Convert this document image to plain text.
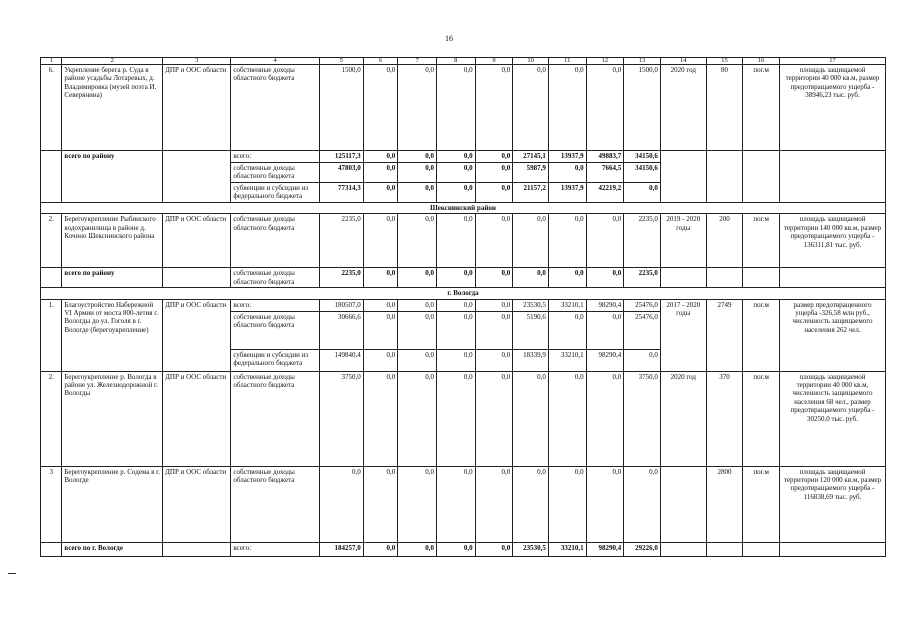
16
1	2	3	4	5	6	7	8	9	10	11	12	13	14	15	16	17
6.	Укрепление берега р. Суда в районе усадьбы Лотаревых, д. Владимировка (музей поэта И. Северянина)	ДПР и ООС области	собственные доходы областного бюджета	1500,0	0,0	0,0	0,0	0,0	0,0	0,0	0,0	1500,0	2020 год	80	пог.м	площадь защищаемой территории 40 000 кв.м, размер предотвращаемого ущерба - 38946,23 тыс. руб.
	всего по району		всего:	125117,3	0,0	0,0	0,0	0,0	27145,1	13937,9	49883,7	34150,6				
			собственные доходы областного бюджета	47803,0	0,0	0,0	0,0	0,0	5987,9	0,0	7664,5	34150,6				
			субвенции и субсидии из федерального бюджета	77314,3	0,0	0,0	0,0	0,0	21157,2	13937,9	42219,2	0,0				
Шекснинский район																
2.	Берегоукрепление Рыбинского водохранилища в районе д. Кочино Шекснинского района	ДПР и ООС области	собственные доходы областного бюджета	2235,0	0,0	0,0	0,0	0,0	0,0	0,0	0,0	2235,0	2019 - 2020 годы	200	пог.м	площадь защищаемой территории 140 000 кв.м, размер предотвращаемого ущерба - 136311,81 тыс. руб.
	всего по району		собственные доходы областного бюджета	2235,0	0,0	0,0	0,0	0,0	0,0	0,0	0,0	2235,0				
г. Вологда																
1.	Благоустройство Набережной VI Армии от моста 800-летия г. Вологды до ул. Гоголя в г. Вологде (берегоукрепление)	ДПР и ООС области	всего:	180507,0	0,0	0,0	0,0	0,0	23530,5	33210,1	98290,4	25476,0	2017 - 2020 годы	2749	пог.м	размер предотвращенного ущерба -326,58 млн руб., численность защищаемого населения 262 чел.
			собственные доходы областного бюджета	30666,6	0,0	0,0	0,0	0,0	5190,6	0,0	0,0	25476,0				
			субвенции и субсидии из федерального бюджета	149840,4	0,0	0,0	0,0	0,0	18339,9	33210,1	98290,4	0,0				
2.	Берегоукрепление р. Вологда в районе ул. Железнодорожной г. Вологды	ДПР и ООС области	собственные доходы областного бюджета	3750,0	0,0	0,0	0,0	0,0	0,0	0,0	0,0	3750,0	2020 год	370	пог.м	площадь защищаемой территории 40 000 кв.м, численность защищаемого населения 68 чел., размер предотвращаемого ущерба - 30250,0 тыс. руб.
3	Берегоукрепление р. Содема в г. Вологде	ДПР и ООС области	собственные доходы областного бюджета	0,0	0,0	0,0	0,0	0,0	0,0	0,0	0,0	0,0		2800	пог.м	площадь защищаемой территории 120 000 кв.м, размер предотвращаемого ущерба - 116838,69 тыс. руб.
	всего по г. Вологде		всего:	184257,0	0,0	0,0	0,0	0,0	23530,5	33210,1	98290,4	29226,0				
